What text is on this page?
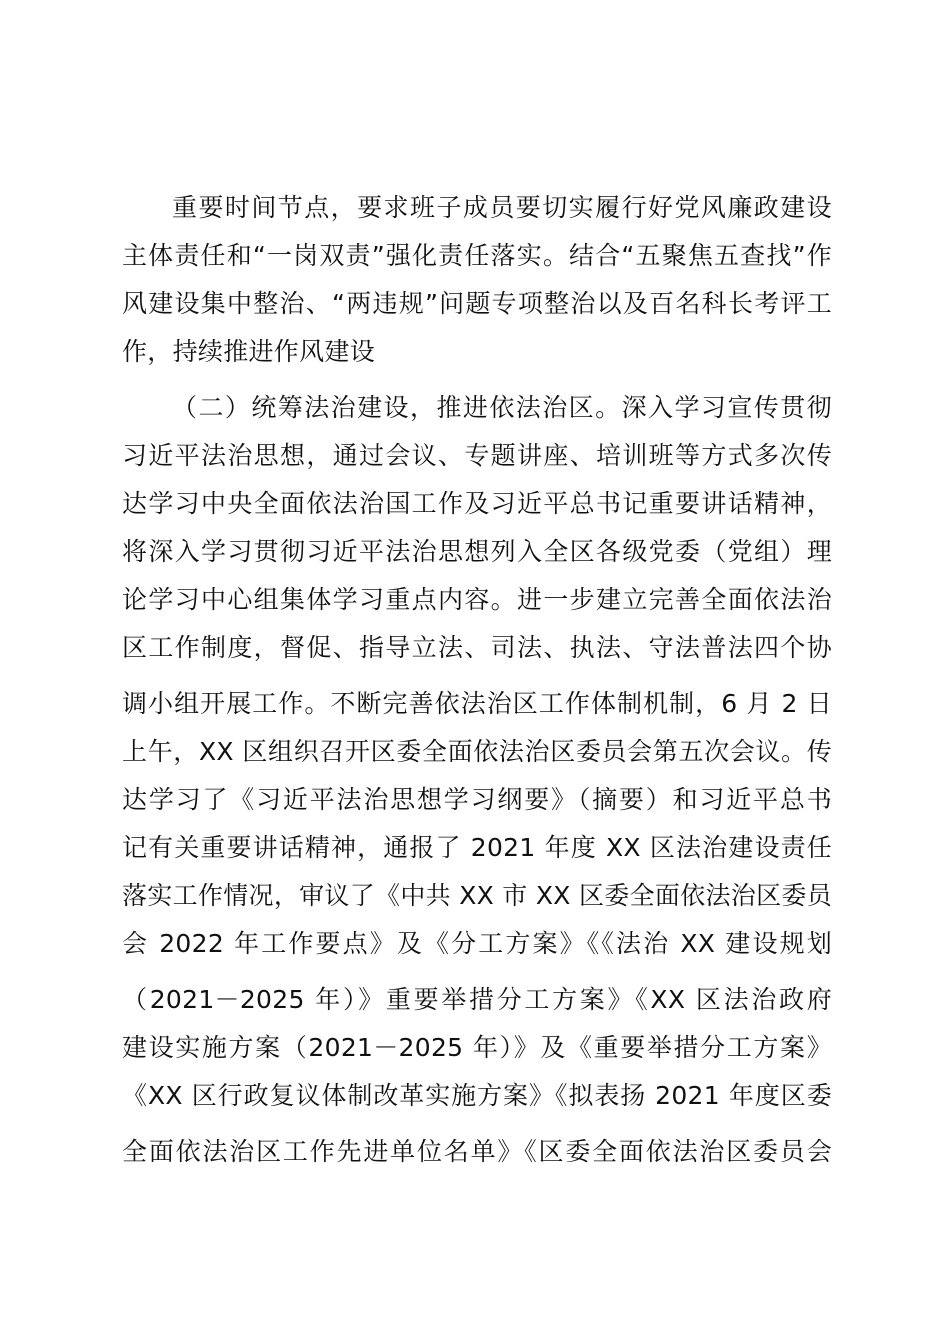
重要时间节点，要求班子成员要切实履行好党风廉政建设
主体责任和“一岗双责”强化责任落实。结合“五聚焦五查找”作
风建设集中整治、“两违规”问题专项整治以及百名科长考评工
作，持续推进作风建设
（二）统筹法治建设，推进依法治区。深入学习宣传贯彻
习近平法治思想，通过会议、专题讲座、培训班等方式多次传
达学习中央全面依法治国工作及习近平总书记重要讲话精神，
将深入学习贯彻习近平法治思想列入全区各级党委（党组）理
论学习中心组集体学习重点内容。进一步建立完善全面依法治
区工作制度，督促、指导立法、司法、执法、守法普法四个协
调小组开展工作。不断完善依法治区工作体制机制，6 月 2 日
上午，XX 区组织召开区委全面依法治区委员会第五次会议。传
达学习了《习近平法治思想学习纲要》（摘要）和习近平总书
记有关重要讲话精神，通报了 2021 年度 XX 区法治建设责任
落实工作情况，审议了《中共 XX 市 XX 区委全面依法治区委员
会 2022 年工作要点》及《分工方案》《《法治 XX 建设规划
（2021－2025 年）》重要举措分工方案》《XX 区法治政府
建设实施方案（2021－2025 年）》及《重要举措分工方案》
《XX 区行政复议体制改革实施方案》《拟表扬 2021 年度区委
全面依法治区工作先进单位名单》《区委全面依法治区委员会
